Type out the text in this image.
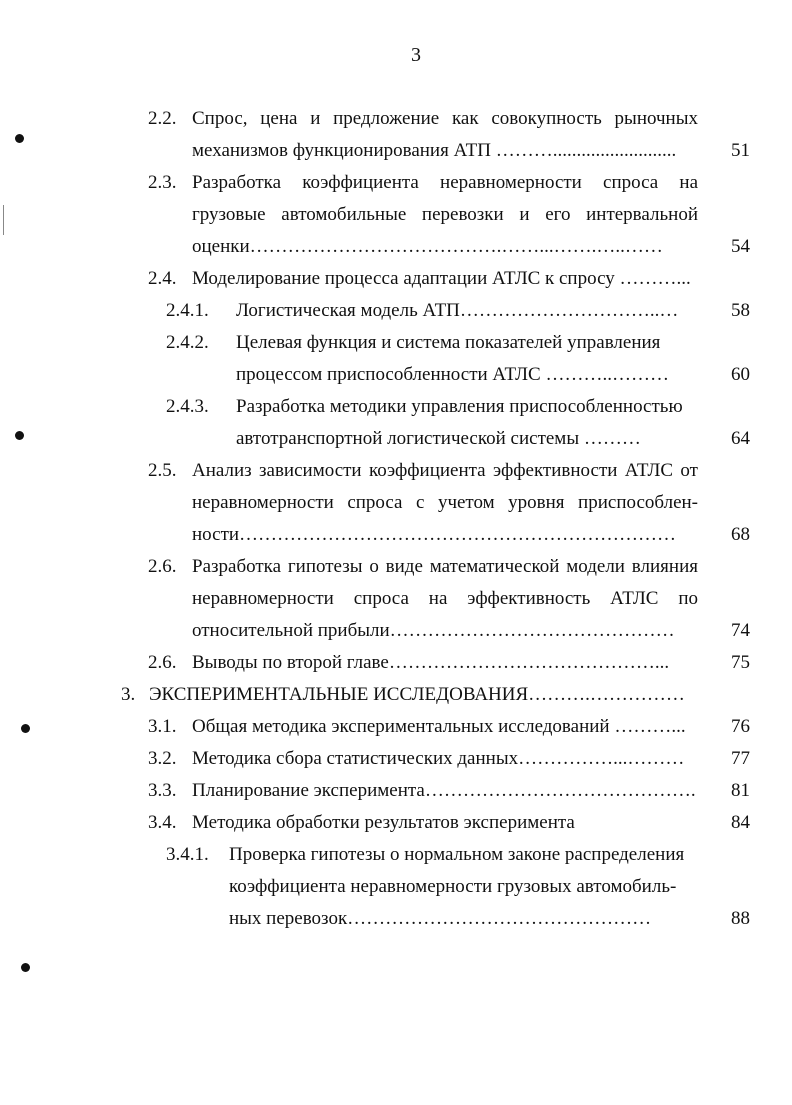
3
2.2. Спрос, цена и предложение как совокупность рыночных
механизмов функционирования АТП ………..........................	51
2.3. Разработка коэффициента неравномерности спроса на
грузовые автомобильные перевозки и его интервальной
оценки………………………………….……...…….…..……	54
2.4. Моделирование процесса адаптации АТЛС к спросу ………...
2.4.1. Логистическая модель АТП…………………………..…	58
2.4.2. Целевая функция и система показателей управления
процессом приспособленности АТЛС ………..………	60
2.4.3. Разработка методики управления приспособленностью
автотранспортной логистической системы ………	64
2.5. Анализ зависимости коэффициента эффективности АТЛС от
неравномерности спроса с учетом уровня приспособлен-
ности……………………………………………………………	68
2.6. Разработка гипотезы о виде математической модели влияния
неравномерности спроса на эффективность АТЛС по
относительной прибыли………………………………………	74
2.6. Выводы по второй главе……………………………………...	75
3. ЭКСПЕРИМЕНТАЛЬНЫЕ ИССЛЕДОВАНИЯ……….……………
3.1. Общая методика экспериментальных исследований ………...	76
3.2. Методика сбора статистических данных……………...………	77
3.3. Планирование эксперимента……………………………………. 81
3.4. Методика обработки результатов эксперимента	84
3.4.1. Проверка гипотезы о нормальном законе распределения
коэффициента неравномерности грузовых автомобиль-
ных перевозок…………………………………………	88
